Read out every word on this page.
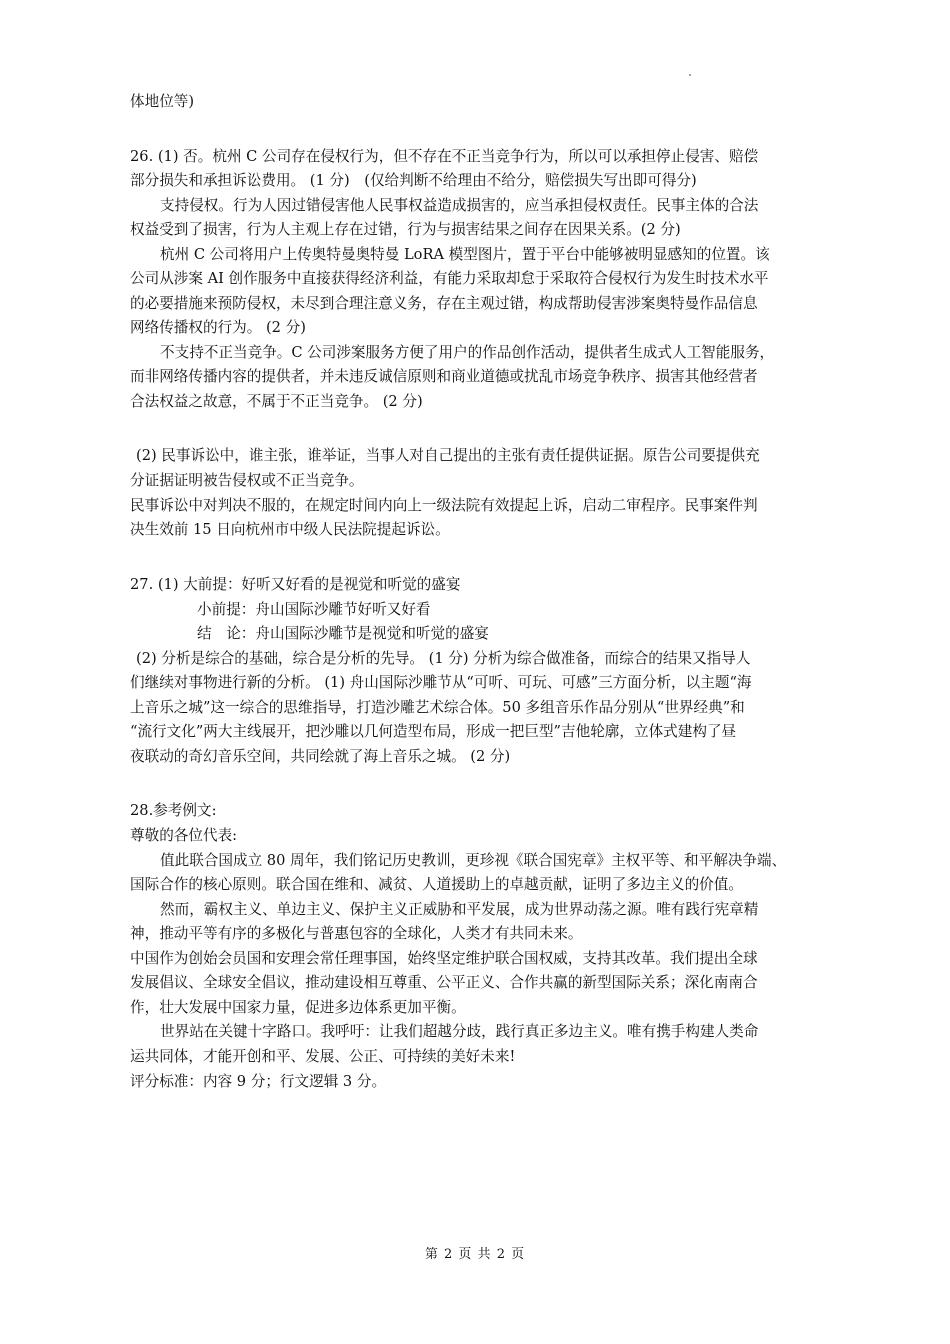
体地位等)
26. (1) 否。杭州 C 公司存在侵权行为，但不存在不正当竞争行为，所以可以承担停止侵害、赔偿
部分损失和承担诉讼费用。 (1 分)　(仅给判断不给理由不给分，赔偿损失写出即可得分)
支持侵权。行为人因过错侵害他人民事权益造成损害的，应当承担侵权责任。民事主体的合法
权益受到了损害，行为人主观上存在过错，行为与损害结果之间存在因果关系。(2 分)
杭州 C 公司将用户上传奥特曼奥特曼 LoRA 模型图片，置于平台中能够被明显感知的位置。该
公司从涉案 AI 创作服务中直接获得经济利益，有能力采取却怠于采取符合侵权行为发生时技术水平
的必要措施来预防侵权，未尽到合理注意义务，存在主观过错，构成帮助侵害涉案奥特曼作品信息
网络传播权的行为。 (2 分)
不支持不正当竞争。C 公司涉案服务方便了用户的作品创作活动，提供者生成式人工智能服务，
而非网络传播内容的提供者，并未违反诚信原则和商业道德或扰乱市场竞争秩序、损害其他经营者
合法权益之故意，不属于不正当竞争。 (2 分)
(2) 民事诉讼中，谁主张，谁举证，当事人对自己提出的主张有责任提供证据。原告公司要提供充
分证据证明被告侵权或不正当竞争。
民事诉讼中对判决不服的，在规定时间内向上一级法院有效提起上诉，启动二审程序。民事案件判
决生效前 15 日向杭州市中级人民法院提起诉讼。
27. (1) 大前提：好听又好看的是视觉和听觉的盛宴
小前提：舟山国际沙雕节好听又好看
结　论：舟山国际沙雕节是视觉和听觉的盛宴
(2) 分析是综合的基础，综合是分析的先导。 (1 分) 分析为综合做准备，而综合的结果又指导人
们继续对事物进行新的分析。 (1) 舟山国际沙雕节从“可听、可玩、可感”三方面分析，以主题“海
上音乐之城”这一综合的思维指导，打造沙雕艺术综合体。50 多组音乐作品分别从“世界经典”和
“流行文化”两大主线展开，把沙雕以几何造型布局，形成一把巨型”吉他轮廓，立体式建构了昼
夜联动的奇幻音乐空间，共同绘就了海上音乐之城。 (2 分)
28.参考例文:
尊敬的各位代表:
值此联合国成立 80 周年，我们铭记历史教训，更珍视《联合国宪章》主权平等、和平解决争端、
国际合作的核心原则。联合国在维和、减贫、人道援助上的卓越贡献，证明了多边主义的价值。
然而，霸权主义、单边主义、保护主义正威胁和平发展，成为世界动荡之源。唯有践行宪章精
神，推动平等有序的多极化与普惠包容的全球化，人类才有共同未来。
中国作为创始会员国和安理会常任理事国，始终坚定维护联合国权威，支持其改革。我们提出全球
发展倡议、全球安全倡议，推动建设相互尊重、公平正义、合作共赢的新型国际关系；深化南南合
作，壮大发展中国家力量，促进多边体系更加平衡。
世界站在关键十字路口。我呼吁：让我们超越分歧，践行真正多边主义。唯有携手构建人类命
运共同体，才能开创和平、发展、公正、可持续的美好未来!
评分标准：内容 9 分；行文逻辑 3 分。
第 2 页 共 2 页
